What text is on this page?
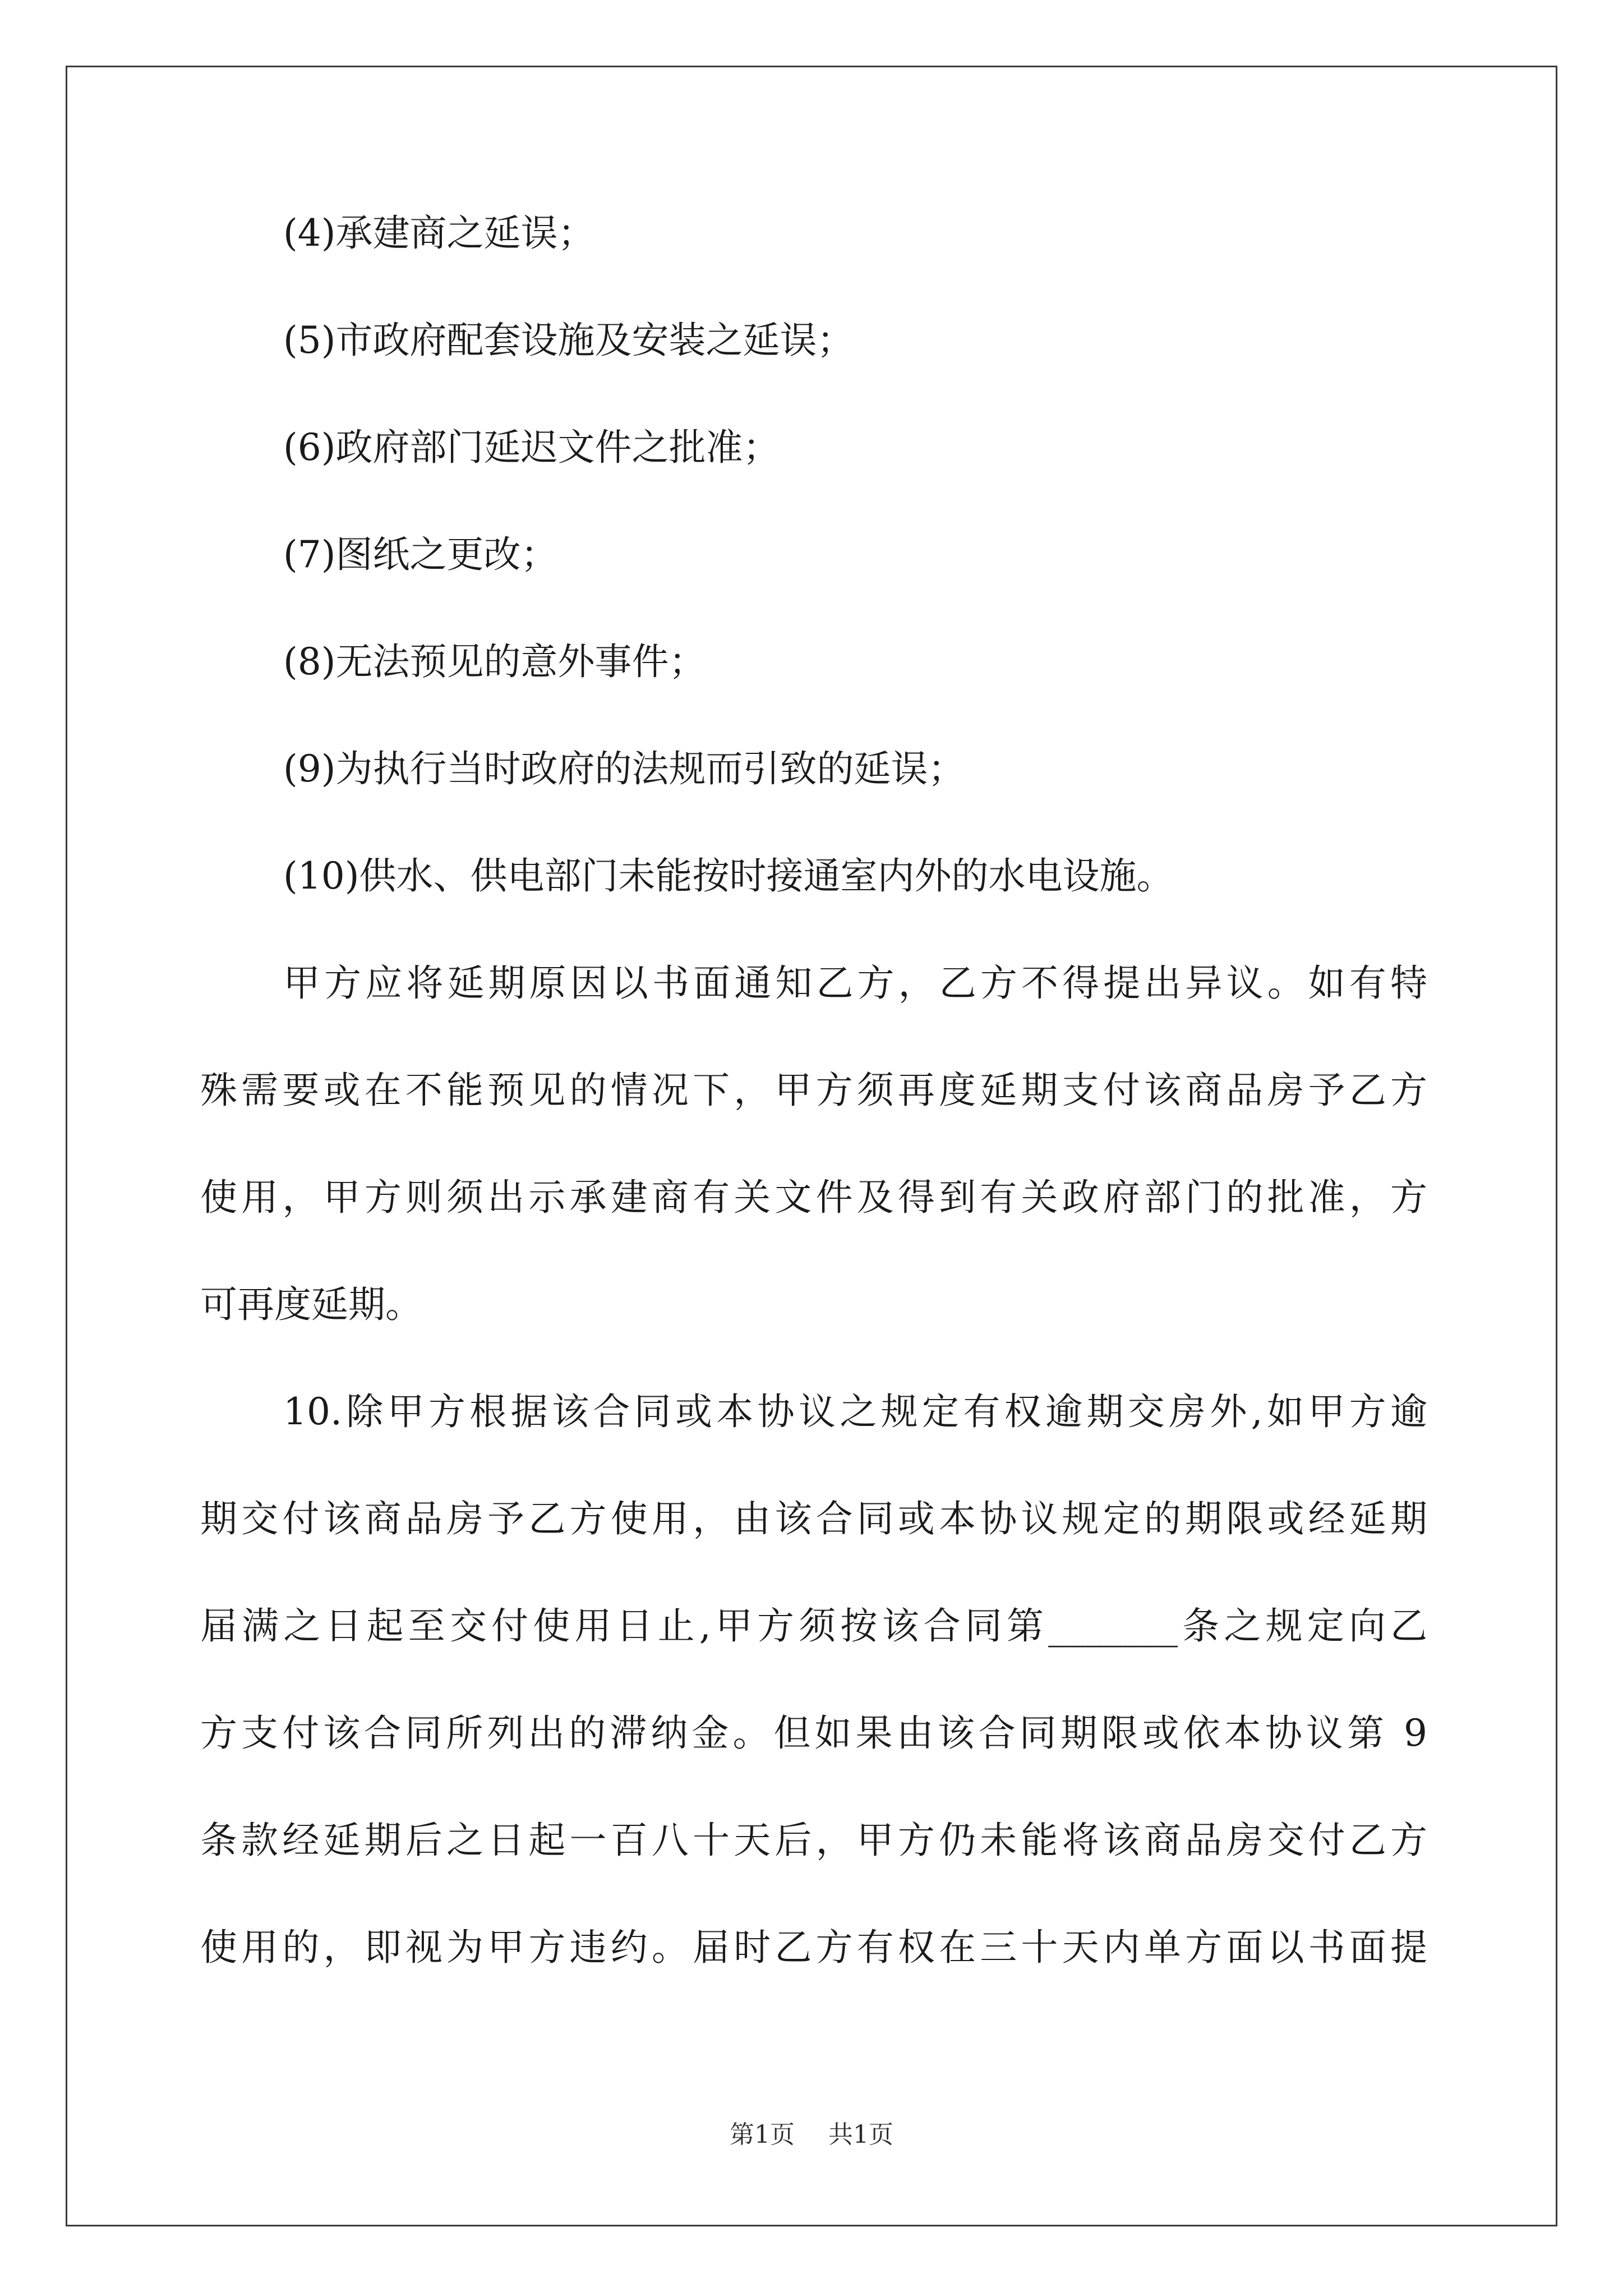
(4)承建商之延误；
(5)市政府配套设施及安装之延误；
(6)政府部门延迟文件之批准；
(7)图纸之更改；
(8)无法预见的意外事件；
(9)为执行当时政府的法规而引致的延误；
(10)供水、供电部门未能按时接通室内外的水电设施。
甲方应将延期原因以书面通知乙方，乙方不得提出异议。如有特
殊需要或在不能预见的情况下，甲方须再度延期支付该商品房予乙方
使用，甲方则须出示承建商有关文件及得到有关政府部门的批准，方
可再度延期。
10.除甲方根据该合同或本协议之规定有权逾期交房外,如甲方逾
期交付该商品房予乙方使用，由该合同或本协议规定的期限或经延期
届满之日起至交付使用日止,甲方须按该合同第_______条之规定向乙
方支付该合同所列出的滞纳金。但如果由该合同期限或依本协议第 9
条款经延期后之日起一百八十天后，甲方仍未能将该商品房交付乙方
使用的，即视为甲方违约。届时乙方有权在三十天内单方面以书面提
第1页 共1页
